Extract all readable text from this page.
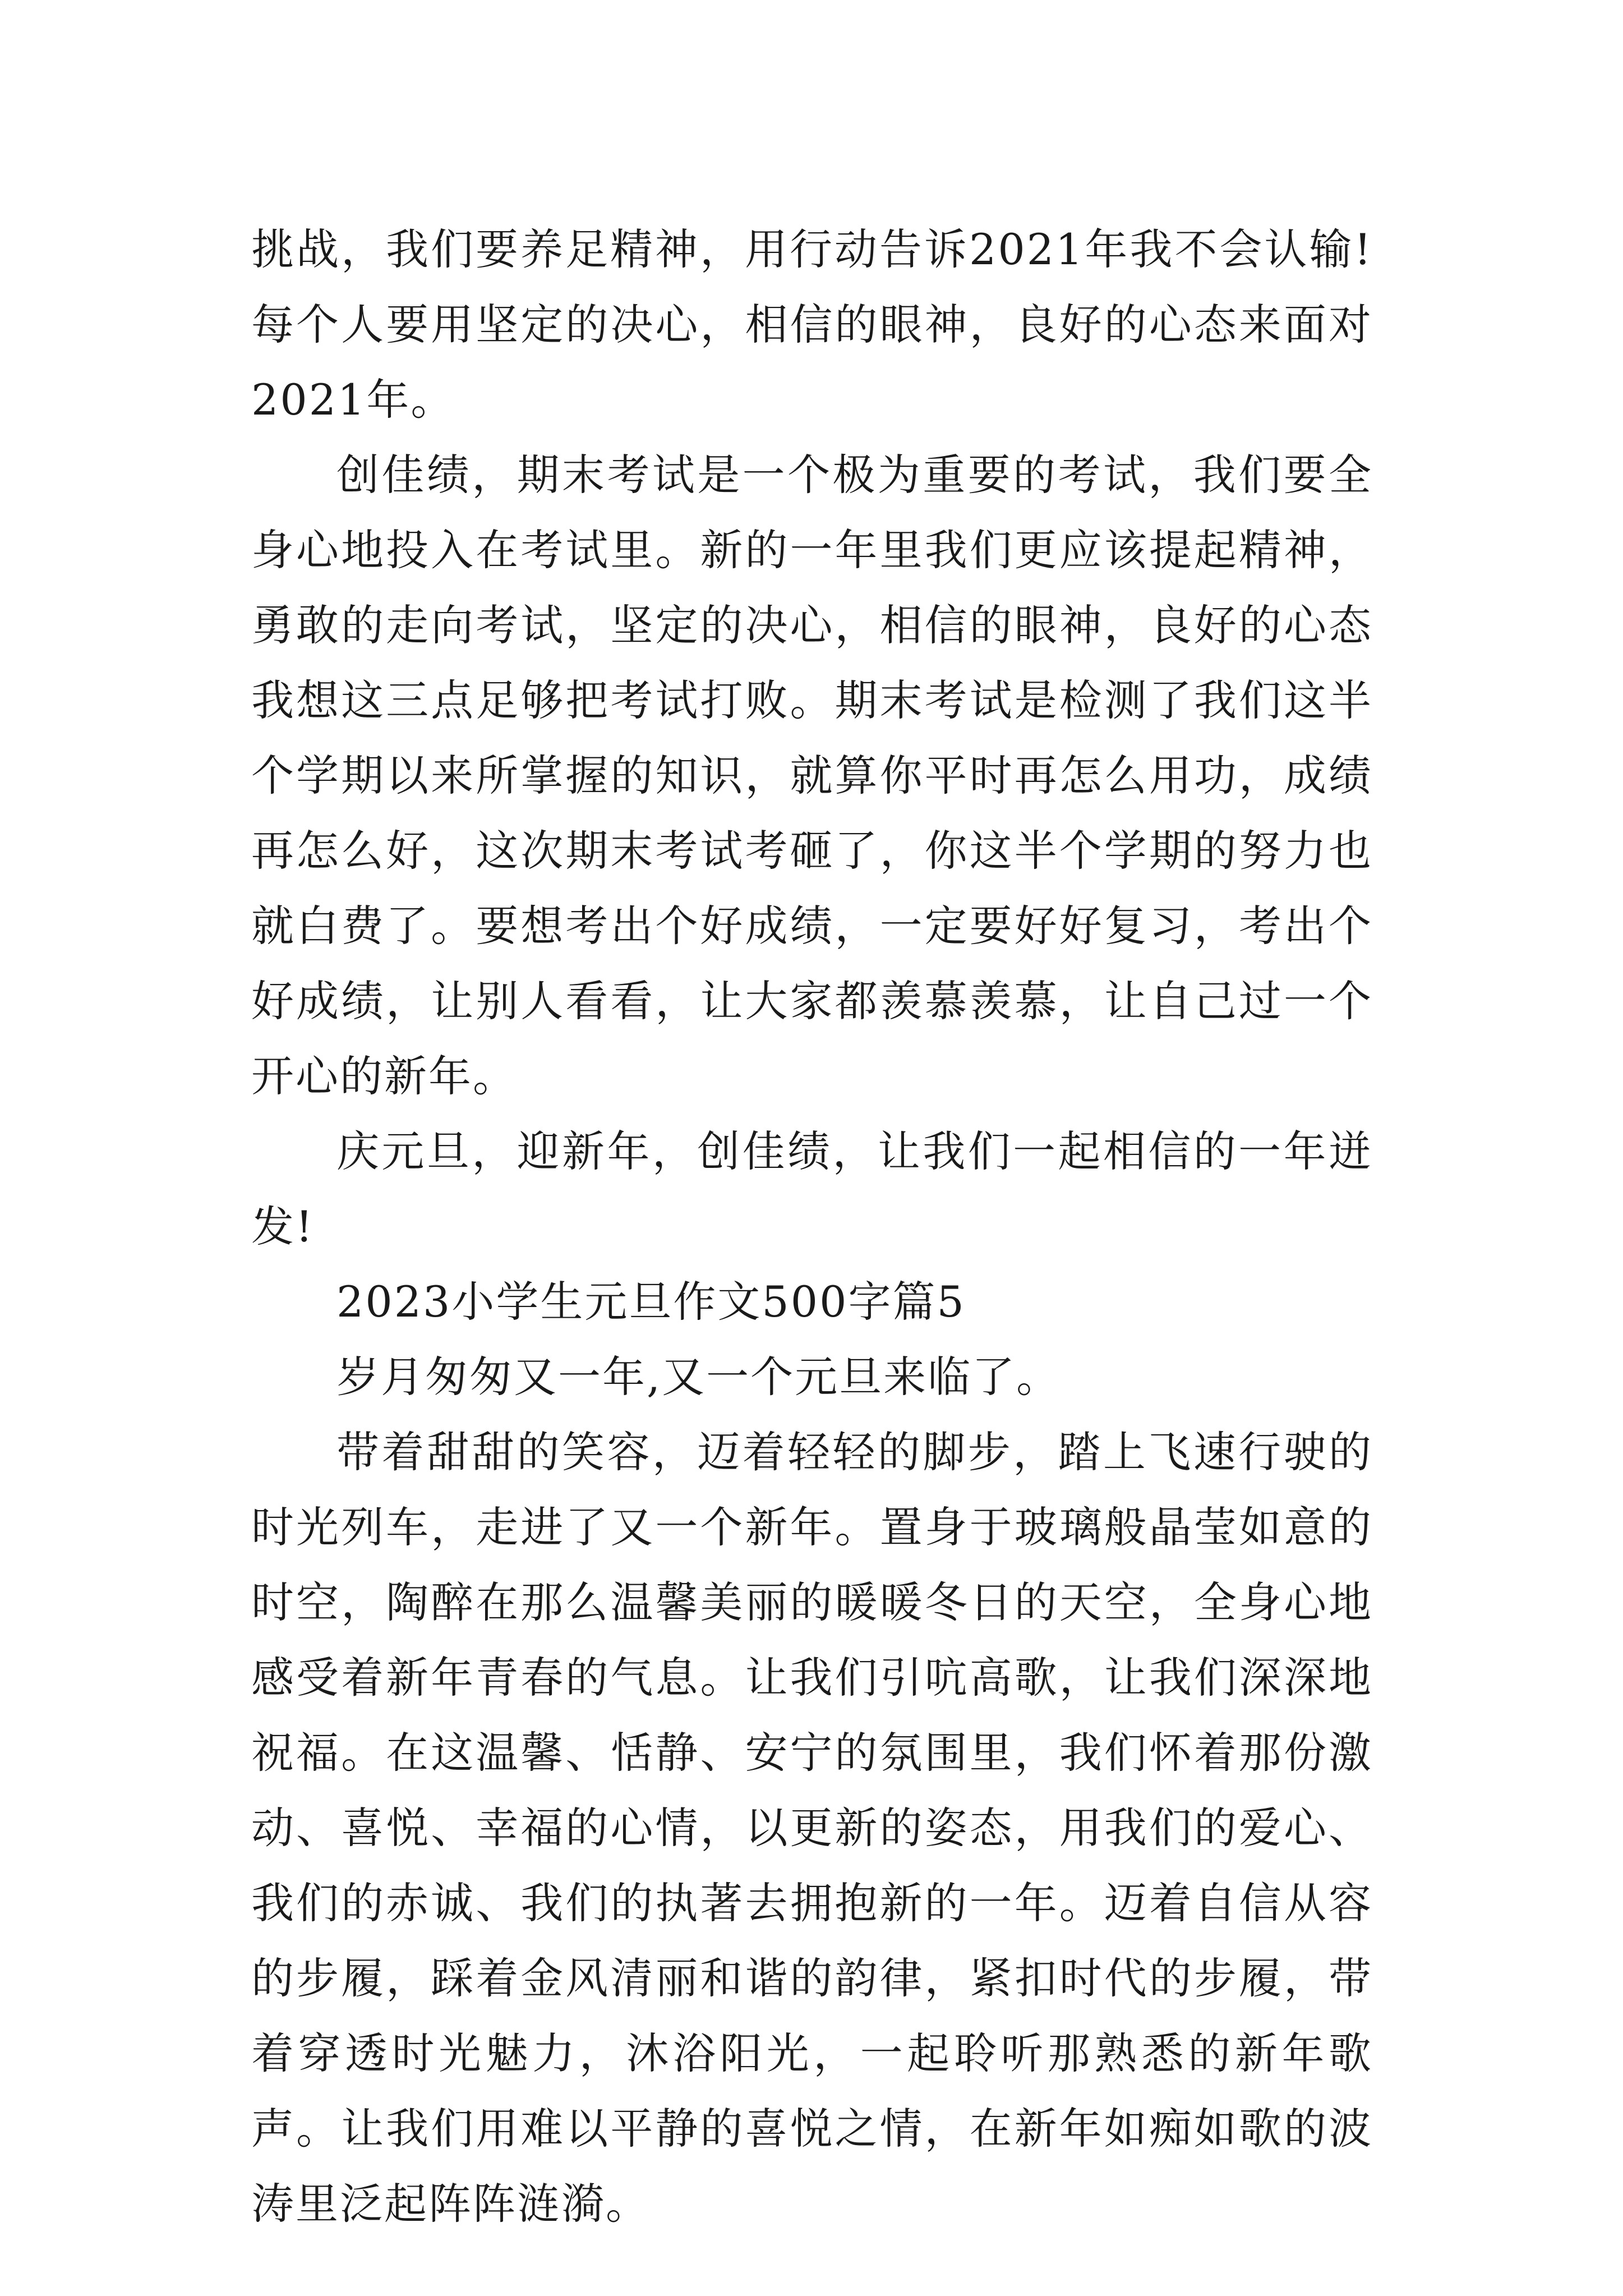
挑战，我们要养足精神，用行动告诉2021年我不会认输!每个人要用坚定的决心，相信的眼神，良好的心态来面对2021年。

创佳绩，期末考试是一个极为重要的考试，我们要全身心地投入在考试里。新的一年里我们更应该提起精神，勇敢的走向考试，坚定的决心，相信的眼神，良好的心态我想这三点足够把考试打败。期末考试是检测了我们这半个学期以来所掌握的知识，就算你平时再怎么用功，成绩再怎么好，这次期末考试考砸了，你这半个学期的努力也就白费了。要想考出个好成绩，一定要好好复习，考出个好成绩，让别人看看，让大家都羡慕羡慕，让自己过一个开心的新年。

庆元旦，迎新年，创佳绩，让我们一起相信的一年迸发!

2023小学生元旦作文500字篇5

岁月匆匆又一年,又一个元旦来临了。

带着甜甜的笑容，迈着轻轻的脚步，踏上飞速行驶的时光列车，走进了又一个新年。置身于玻璃般晶莹如意的时空，陶醉在那么温馨美丽的暖暖冬日的天空，全身心地感受着新年青春的气息。让我们引吭高歌，让我们深深地祝福。在这温馨、恬静、安宁的氛围里，我们怀着那份激动、喜悦、幸福的心情，以更新的姿态，用我们的爱心、我们的赤诚、我们的执著去拥抱新的一年。迈着自信从容的步履，踩着金风清丽和谐的韵律，紧扣时代的步履，带着穿透时光魅力，沐浴阳光，一起聆听那熟悉的新年歌声。让我们用难以平静的喜悦之情，在新年如痴如歌的波涛里泛起阵阵涟漪。
